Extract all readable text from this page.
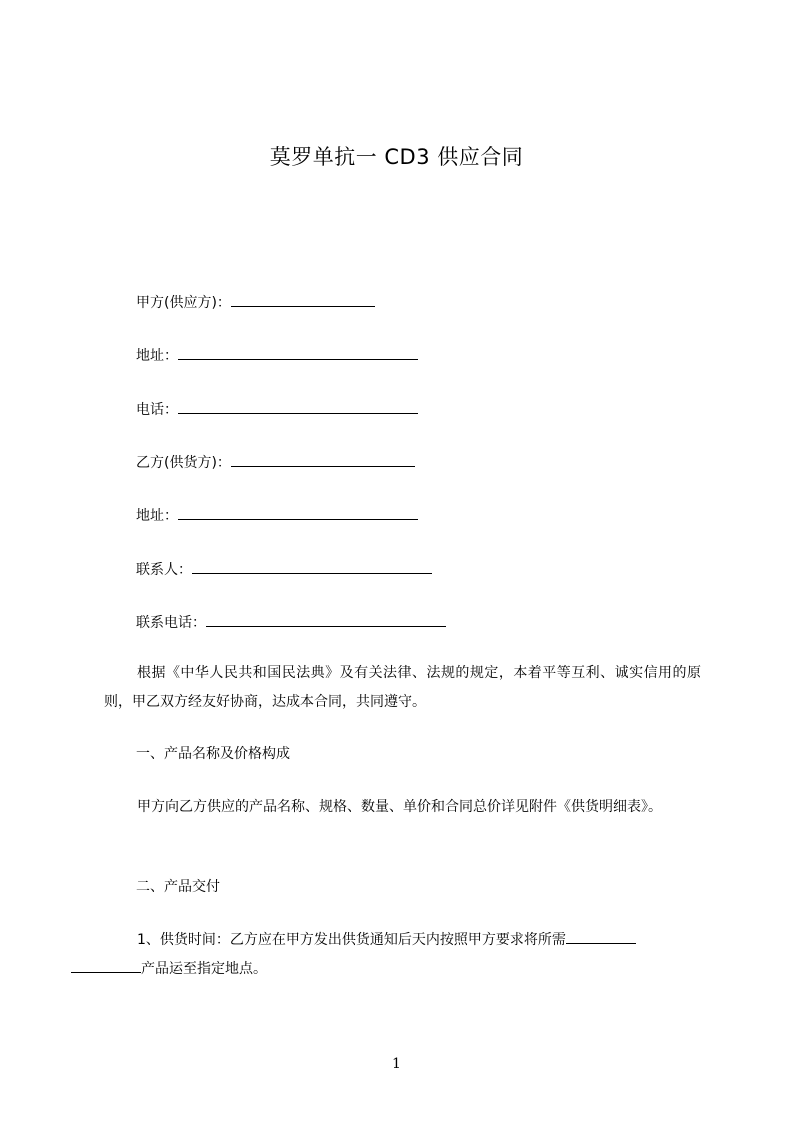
莫罗单抗一 CD3 供应合同
甲方(供应方)：
地址：
电话：
乙方(供货方)：
地址：
联系人：
联系电话：
根据《中华人民共和国民法典》及有关法律、法规的规定，本着平等互利、诚实信用的原则，甲乙双方经友好协商，达成本合同，共同遵守。
一、产品名称及价格构成
甲方向乙方供应的产品名称、规格、数量、单价和合同总价详见附件《供货明细表》。
二、产品交付
1、供货时间：乙方应在甲方发出供货通知后天内按照甲方要求将所需
产品运至指定地点。
1
